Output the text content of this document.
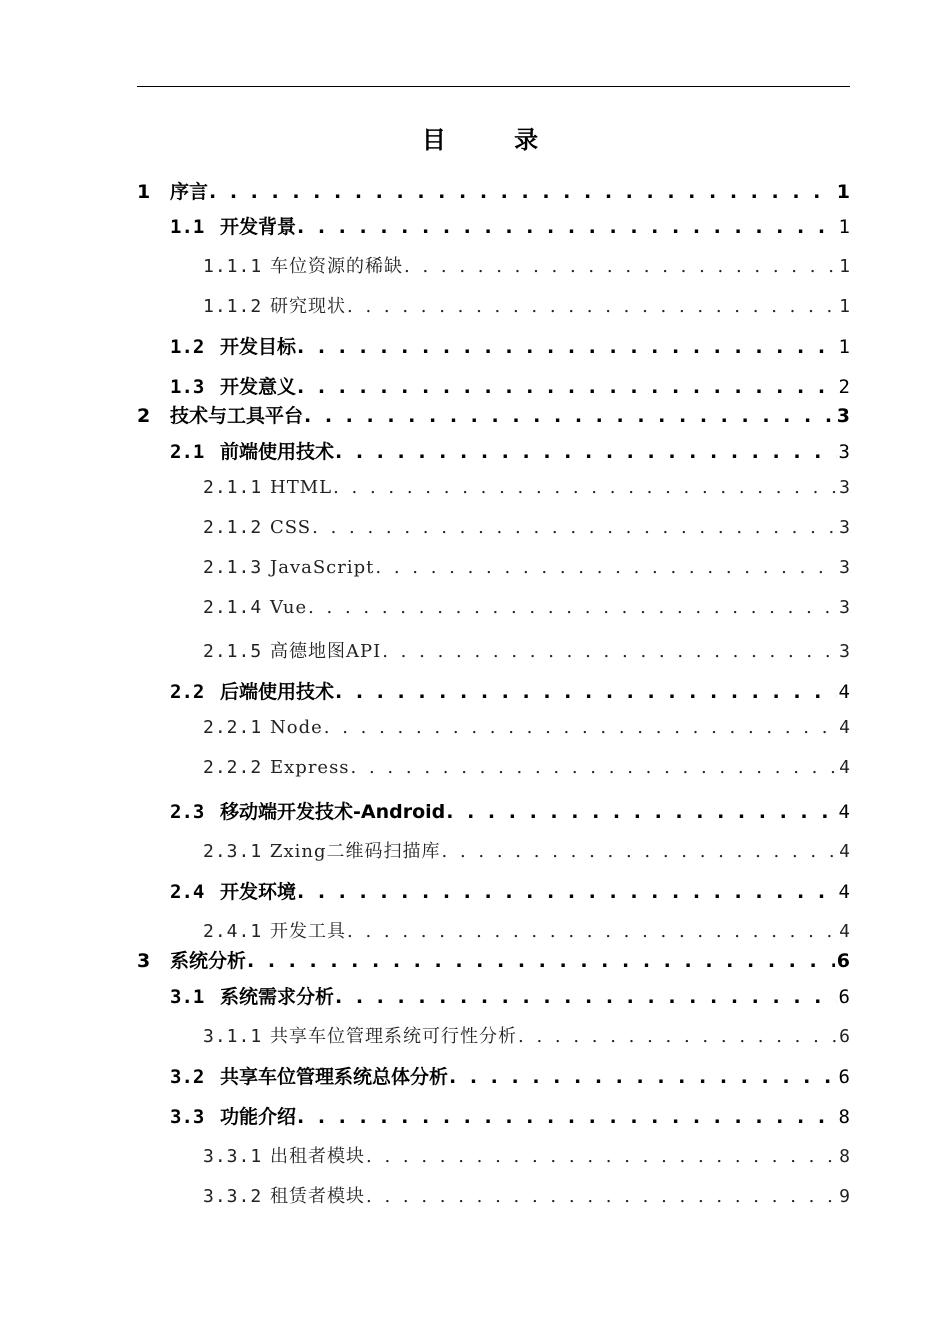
目 录
1	序言 . . .	1
1.1 开发背景 . . .	1
1.1.1 车位资源的稀缺 . . .	1
1.1.2 研究现状 . . .	1
1.2 开发目标 . . .	1
1.3 开发意义 . . .	2
2	技术与工具平台 . . .	3
2.1 前端使用技术 . . .	3
2.1.1 HTML . . .	3
2.1.2 CSS . . .	3
2.1.3 JavaScript . . .	3
2.1.4 Vue . . .	3
2.1.5 高德地图API . . .	3
2.2 后端使用技术 . . .	4
2.2.1 Node . . .	4
2.2.2 Express . . .	4
2.3 移动端开发技术-Android . . .	4
2.3.1 Zxing二维码扫描库 . . .	4
2.4 开发环境 . . .	4
2.4.1 开发工具 . . .	4
3	系统分析 . . .	6
3.1 系统需求分析 . . .	6
3.1.1 共享车位管理系统可行性分析 . . .	6
3.2 共享车位管理系统总体分析 . . .	6
3.3 功能介绍 . . .	8
3.3.1 出租者模块 . . .	8
3.3.2 租赁者模块 . . .	9
